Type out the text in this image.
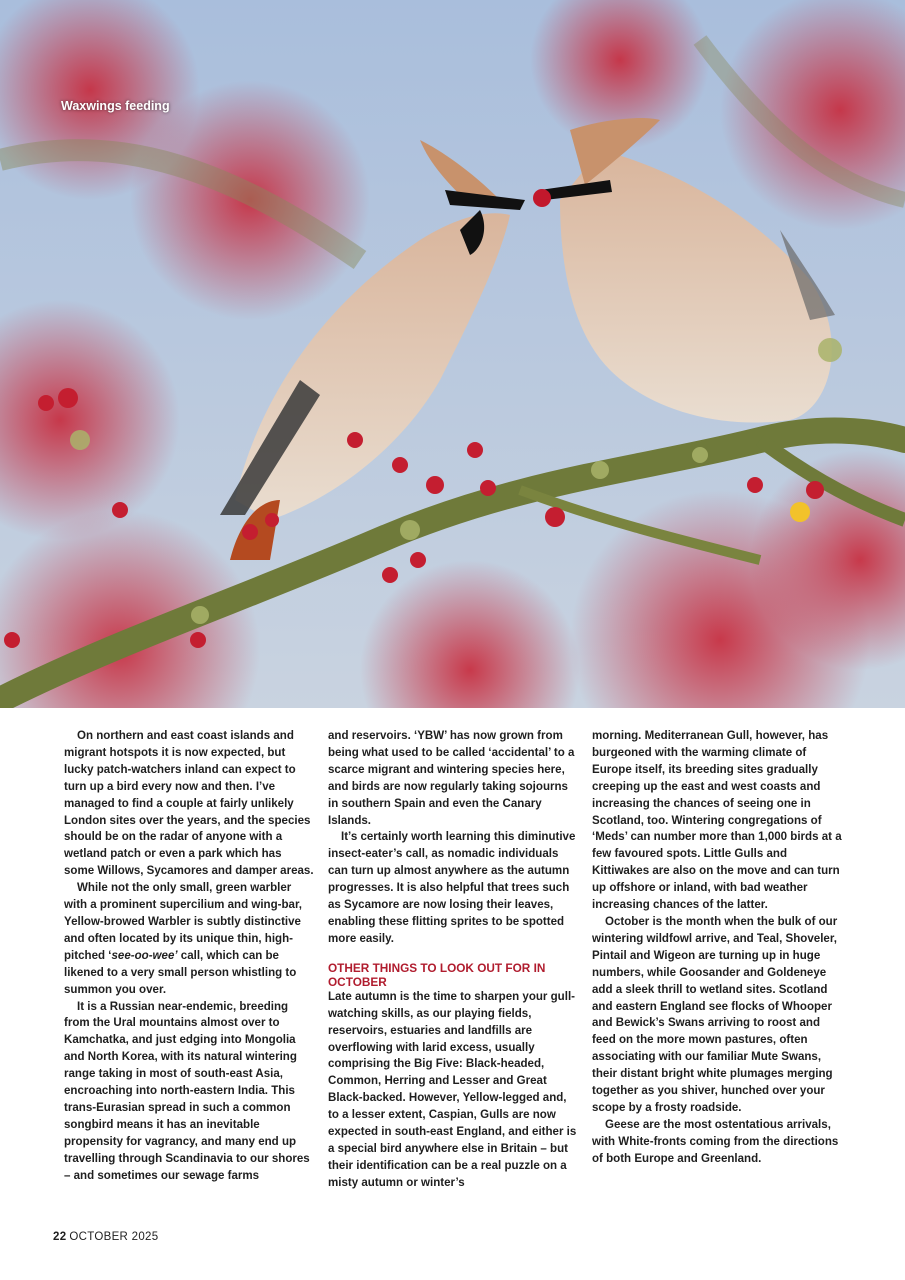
Waxwings feeding

On northern and east coast islands and migrant hotspots it is now expected, but lucky patch-watchers inland can expect to turn up a bird every now and then. I’ve managed to find a couple at fairly unlikely London sites over the years, and the species should be on the radar of anyone with a wetland patch or even a park which has some Willows, Sycamores and damper areas.

While not the only small, green warbler with a prominent supercilium and wing-bar, Yellow-browed Warbler is subtly distinctive and often located by its unique thin, high-pitched ‘see-oo-wee’ call, which can be likened to a very small person whistling to summon you over.

It is a Russian near-endemic, breeding from the Ural mountains almost over to Kamchatka, and just edging into Mongolia and North Korea, with its natural wintering range taking in most of south-east Asia, encroaching into north-eastern India. This trans-Eurasian spread in such a common songbird means it has an inevitable propensity for vagrancy, and many end up travelling through Scandinavia to our shores – and sometimes our sewage farms

and reservoirs. ‘YBW’ has now grown from being what used to be called ‘accidental’ to a scarce migrant and wintering species here, and birds are now regularly taking sojourns in southern Spain and even the Canary Islands.

It’s certainly worth learning this diminutive insect-eater’s call, as nomadic individuals can turn up almost anywhere as the autumn progresses. It is also helpful that trees such as Sycamore are now losing their leaves, enabling these flitting sprites to be spotted more easily.

OTHER THINGS TO LOOK OUT FOR IN OCTOBER

Late autumn is the time to sharpen your gull-watching skills, as our playing fields, reservoirs, estuaries and landfills are overflowing with larid excess, usually comprising the Big Five: Black-headed, Common, Herring and Lesser and Great Black-backed. However, Yellow-legged and, to a lesser extent, Caspian, Gulls are now expected in south-east England, and either is a special bird anywhere else in Britain – but their identification can be a real puzzle on a misty autumn or winter’s

morning. Mediterranean Gull, however, has burgeoned with the warming climate of Europe itself, its breeding sites gradually creeping up the east and west coasts and increasing the chances of seeing one in Scotland, too. Wintering congregations of ‘Meds’ can number more than 1,000 birds at a few favoured spots. Little Gulls and Kittiwakes are also on the move and can turn up offshore or inland, with bad weather increasing chances of the latter.

October is the month when the bulk of our wintering wildfowl arrive, and Teal, Shoveler, Pintail and Wigeon are turning up in huge numbers, while Goosander and Goldeneye add a sleek thrill to wetland sites. Scotland and eastern England see flocks of Whooper and Bewick’s Swans arriving to roost and feed on the more mown pastures, often associating with our familiar Mute Swans, their distant bright white plumages merging together as you shiver, hunched over your scope by a frosty roadside.

Geese are the most ostentatious arrivals, with White-fronts coming from the directions of both Europe and Greenland.

22 OCTOBER 2025
